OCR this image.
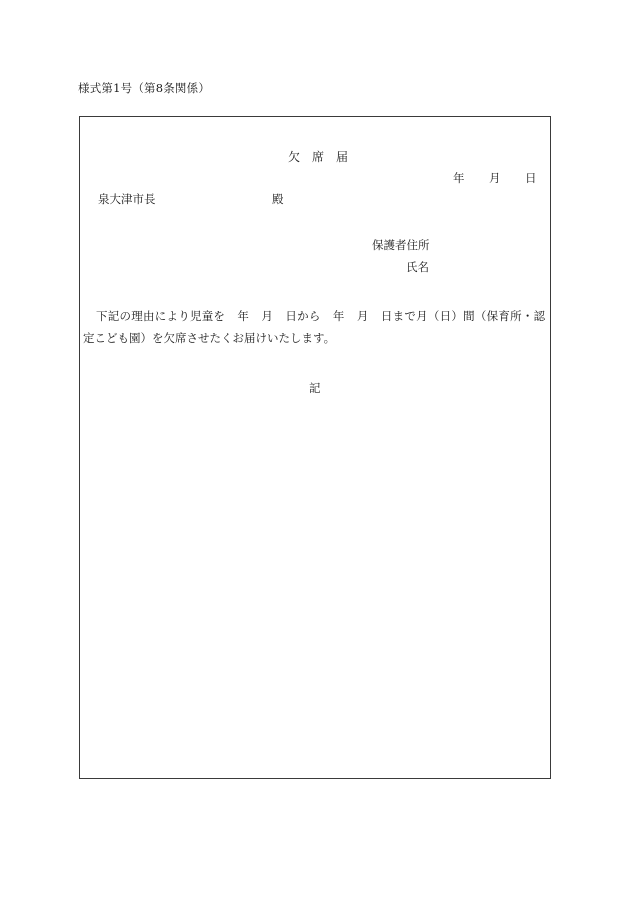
様式第1号（第8条関係）
欠席届
年 月 日
泉大津市長	殿
保護者住所
氏名
下記の理由により児童を 年 月 日から 年 月 日まで月（日）間（保育所・認定こども園）を欠席させたくお届けいたします。
記
